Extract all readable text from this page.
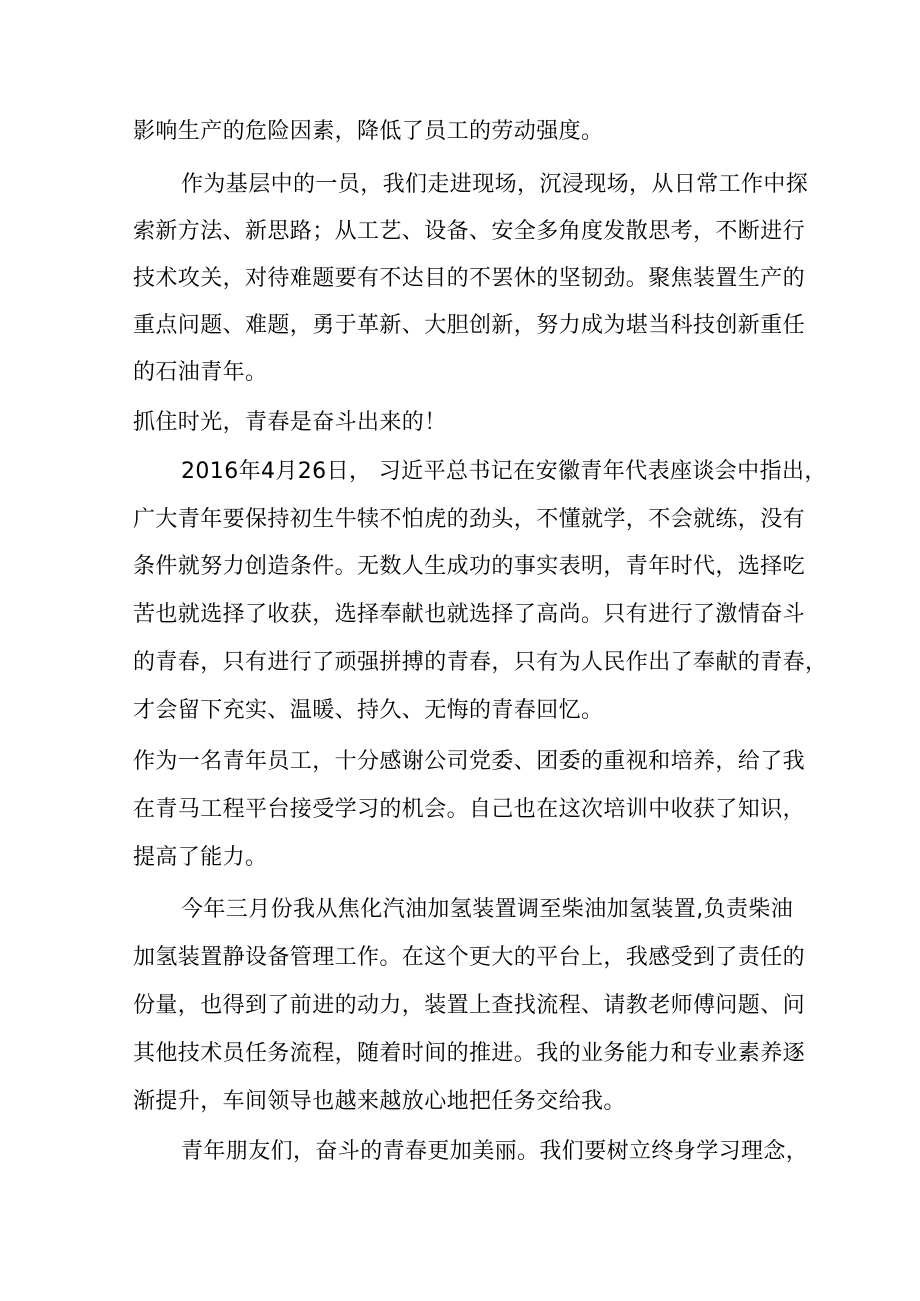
影响生产的危险因素，降低了员工的劳动强度。

作为基层中的一员，我们走进现场，沉浸现场，从日常工作中探

索新方法、新思路；从工艺、设备、安全多角度发散思考，不断进行

技术攻关，对待难题要有不达目的不罢休的坚韧劲。聚焦装置生产的

重点问题、难题，勇于革新、大胆创新，努力成为堪当科技创新重任

的石油青年。

抓住时光，青春是奋斗出来的！

2016年4月26日， 习近平总书记在安徽青年代表座谈会中指出，

广大青年要保持初生牛犊不怕虎的劲头，不懂就学，不会就练，没有

条件就努力创造条件。无数人生成功的事实表明，青年时代，选择吃

苦也就选择了收获，选择奉献也就选择了高尚。只有进行了激情奋斗

的青春，只有进行了顽强拼搏的青春，只有为人民作出了奉献的青春，

才会留下充实、温暖、持久、无悔的青春回忆。

作为一名青年员工，十分感谢公司党委、团委的重视和培养，给了我

在青马工程平台接受学习的机会。自己也在这次培训中收获了知识，

提高了能力。

今年三月份我从焦化汽油加氢装置调至柴油加氢装置,负责柴油

加氢装置静设备管理工作。在这个更大的平台上，我感受到了责任的

份量，也得到了前进的动力，装置上查找流程、请教老师傅问题、问

其他技术员任务流程，随着时间的推进。我的业务能力和专业素养逐

渐提升，车间领导也越来越放心地把任务交给我。

青年朋友们，奋斗的青春更加美丽。我们要树立终身学习理念，
